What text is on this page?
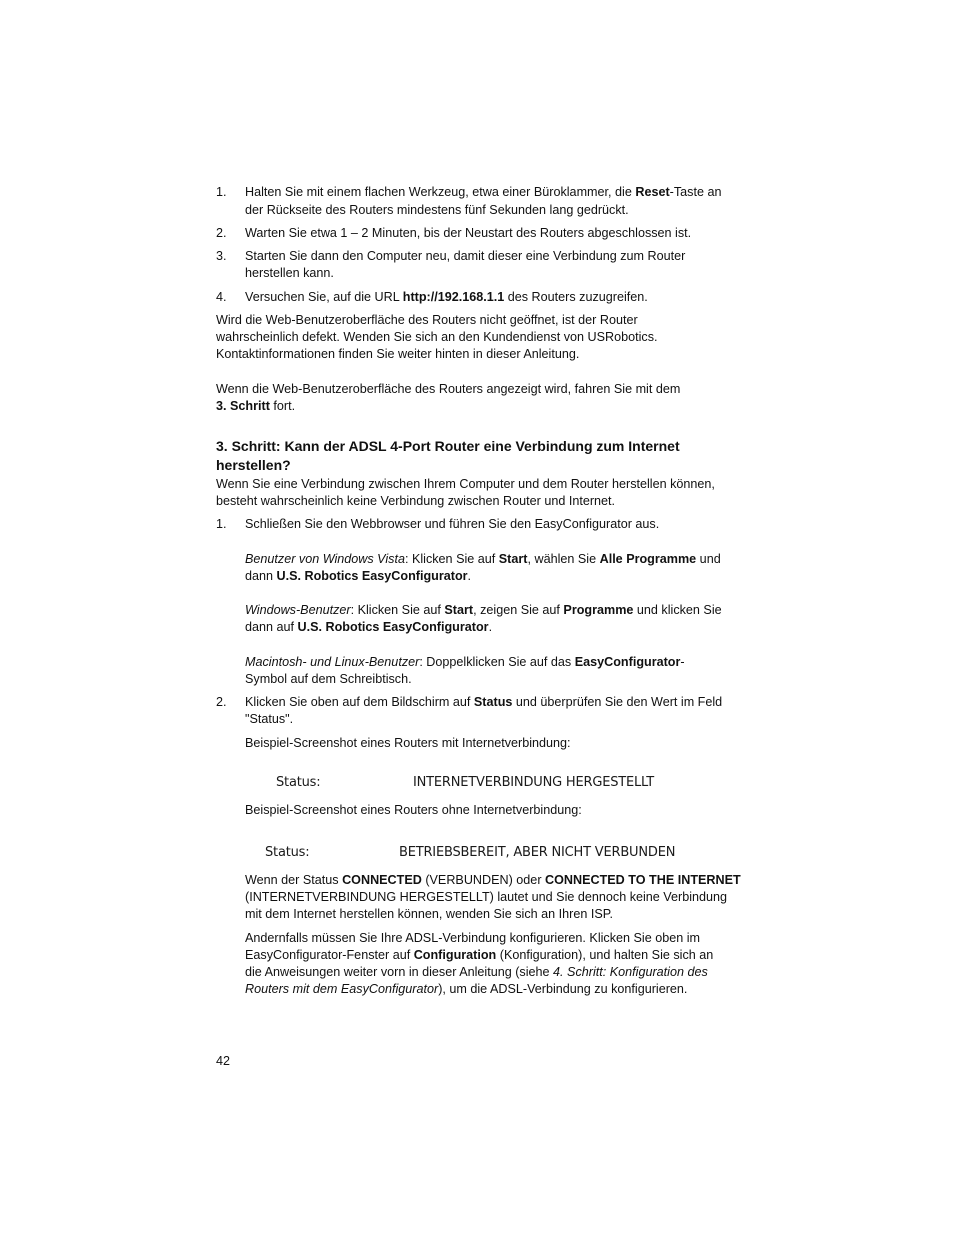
1. Halten Sie mit einem flachen Werkzeug, etwa einer Büroklammer, die Reset-Taste an
der Rückseite des Routers mindestens fünf Sekunden lang gedrückt.
2. Warten Sie etwa 1 – 2 Minuten, bis der Neustart des Routers abgeschlossen ist.
3. Starten Sie dann den Computer neu, damit dieser eine Verbindung zum Router
herstellen kann.
4. Versuchen Sie, auf die URL http://192.168.1.1 des Routers zuzugreifen.
Wird die Web-Benutzeroberfläche des Routers nicht geöffnet, ist der Router
wahrscheinlich defekt. Wenden Sie sich an den Kundendienst von USRobotics.
Kontaktinformationen finden Sie weiter hinten in dieser Anleitung.
Wenn die Web-Benutzeroberfläche des Routers angezeigt wird, fahren Sie mit dem
3. Schritt fort.
3. Schritt: Kann der ADSL 4-Port Router eine Verbindung zum Internet
herstellen?
Wenn Sie eine Verbindung zwischen Ihrem Computer und dem Router herstellen können,
besteht wahrscheinlich keine Verbindung zwischen Router und Internet.
1. Schließen Sie den Webbrowser und führen Sie den EasyConfigurator aus.
Benutzer von Windows Vista: Klicken Sie auf Start, wählen Sie Alle Programme und
dann U.S. Robotics EasyConfigurator.
Windows-Benutzer: Klicken Sie auf Start, zeigen Sie auf Programme und klicken Sie
dann auf U.S. Robotics EasyConfigurator.
Macintosh- und Linux-Benutzer: Doppelklicken Sie auf das EasyConfigurator-
Symbol auf dem Schreibtisch.
2. Klicken Sie oben auf dem Bildschirm auf Status und überprüfen Sie den Wert im Feld
"Status".
Beispiel-Screenshot eines Routers mit Internetverbindung:
Status:	INTERNETVERBINDUNG HERGESTELLT
Beispiel-Screenshot eines Routers ohne Internetverbindung:
Status:	BETRIEBSBEREIT, ABER NICHT VERBUNDEN
Wenn der Status CONNECTED (VERBUNDEN) oder CONNECTED TO THE INTERNET
(INTERNETVERBINDUNG HERGESTELLT) lautet und Sie dennoch keine Verbindung
mit dem Internet herstellen können, wenden Sie sich an Ihren ISP.
Andernfalls müssen Sie Ihre ADSL-Verbindung konfigurieren. Klicken Sie oben im
EasyConfigurator-Fenster auf Configuration (Konfiguration), und halten Sie sich an
die Anweisungen weiter vorn in dieser Anleitung (siehe 4. Schritt: Konfiguration des
Routers mit dem EasyConfigurator), um die ADSL-Verbindung zu konfigurieren.
42
